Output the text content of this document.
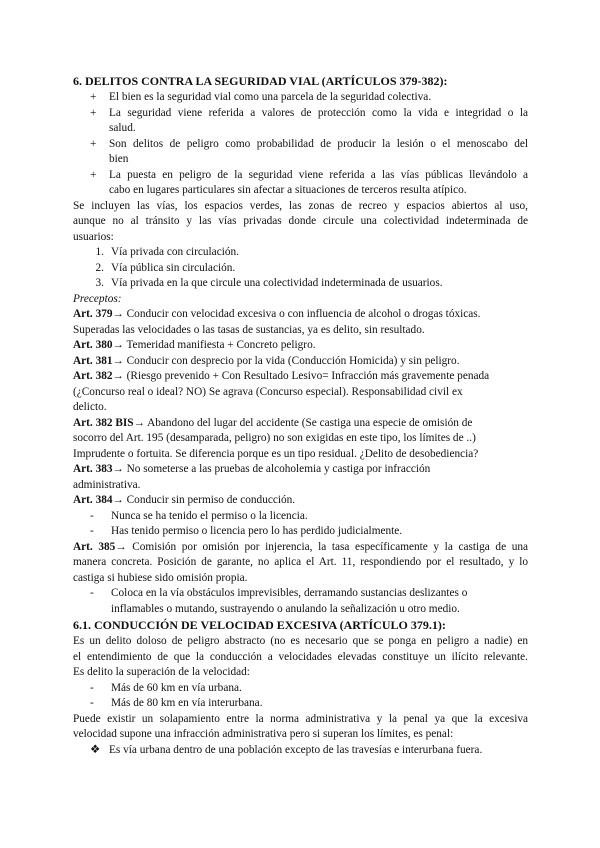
6. DELITOS CONTRA LA SEGURIDAD VIAL (ARTÍCULOS 379-382):
+	El bien es la seguridad vial como una parcela de la seguridad colectiva.
+	La seguridad viene referida a valores de protección como la vida e integridad o la
salud.
+	Son delitos de peligro como probabilidad de producir la lesión o el menoscabo del
bien
+	La puesta en peligro de la seguridad viene referida a las vías públicas llevándolo a
cabo en lugares particulares sin afectar a situaciones de terceros resulta atípico.
Se incluyen las vías, los espacios verdes, las zonas de recreo y espacios abiertos al uso,
aunque no al tránsito y las vías privadas donde circule una colectividad indeterminada de
usuarios:
1. Vía privada con circulación.
2. Vía pública sin circulación.
3. Vía privada en la que circule una colectividad indeterminada de usuarios.
Preceptos:
Art. 379→ Conducir con velocidad excesiva o con influencia de alcohol o drogas tóxicas.
Superadas las velocidades o las tasas de sustancias, ya es delito, sin resultado.
Art. 380→ Temeridad manifiesta + Concreto peligro.
Art. 381→ Conducir con desprecio por la vida (Conducción Homicida) y sin peligro.
Art. 382→ (Riesgo prevenido + Con Resultado Lesivo= Infracción más gravemente penada
(¿Concurso real o ideal? NO) Se agrava (Concurso especial). Responsabilidad civil ex
delicto.
Art. 382 BIS→ Abandono del lugar del accidente (Se castiga una especie de omisión de
socorro del Art. 195 (desamparada, peligro) no son exigidas en este tipo, los límites de ..)
Imprudente o fortuita. Se diferencia porque es un tipo residual. ¿Delito de desobediencia?
Art. 383→ No someterse a las pruebas de alcoholemia y castiga por infracción
administrativa.
Art. 384→ Conducir sin permiso de conducción.
- Nunca se ha tenido el permiso o la licencia.
- Has tenido permiso o licencia pero lo has perdido judicialmente.
Art. 385→ Comisión por omisión por injerencia, la tasa específicamente y la castiga de una
manera concreta. Posición de garante, no aplica el Art. 11, respondiendo por el resultado, y lo
castiga si hubiese sido omisión propia.
- Coloca en la vía obstáculos imprevisibles, derramando sustancias deslizantes o
inflamables o mutando, sustrayendo o anulando la señalización u otro medio.
6.1. CONDUCCIÓN DE VELOCIDAD EXCESIVA (ARTÍCULO 379.1):
Es un delito doloso de peligro abstracto (no es necesario que se ponga en peligro a nadie) en
el entendimiento de que la conducción a velocidades elevadas constituye un ilícito relevante.
Es delito la superación de la velocidad:
- Más de 60 km en vía urbana.
- Más de 80 km en vía interurbana.
Puede existir un solapamiento entre la norma administrativa y la penal ya que la excesiva
velocidad supone una infracción administrativa pero si superan los límites, es penal:
❖ Es vía urbana dentro de una población excepto de las travesías e interurbana fuera.
